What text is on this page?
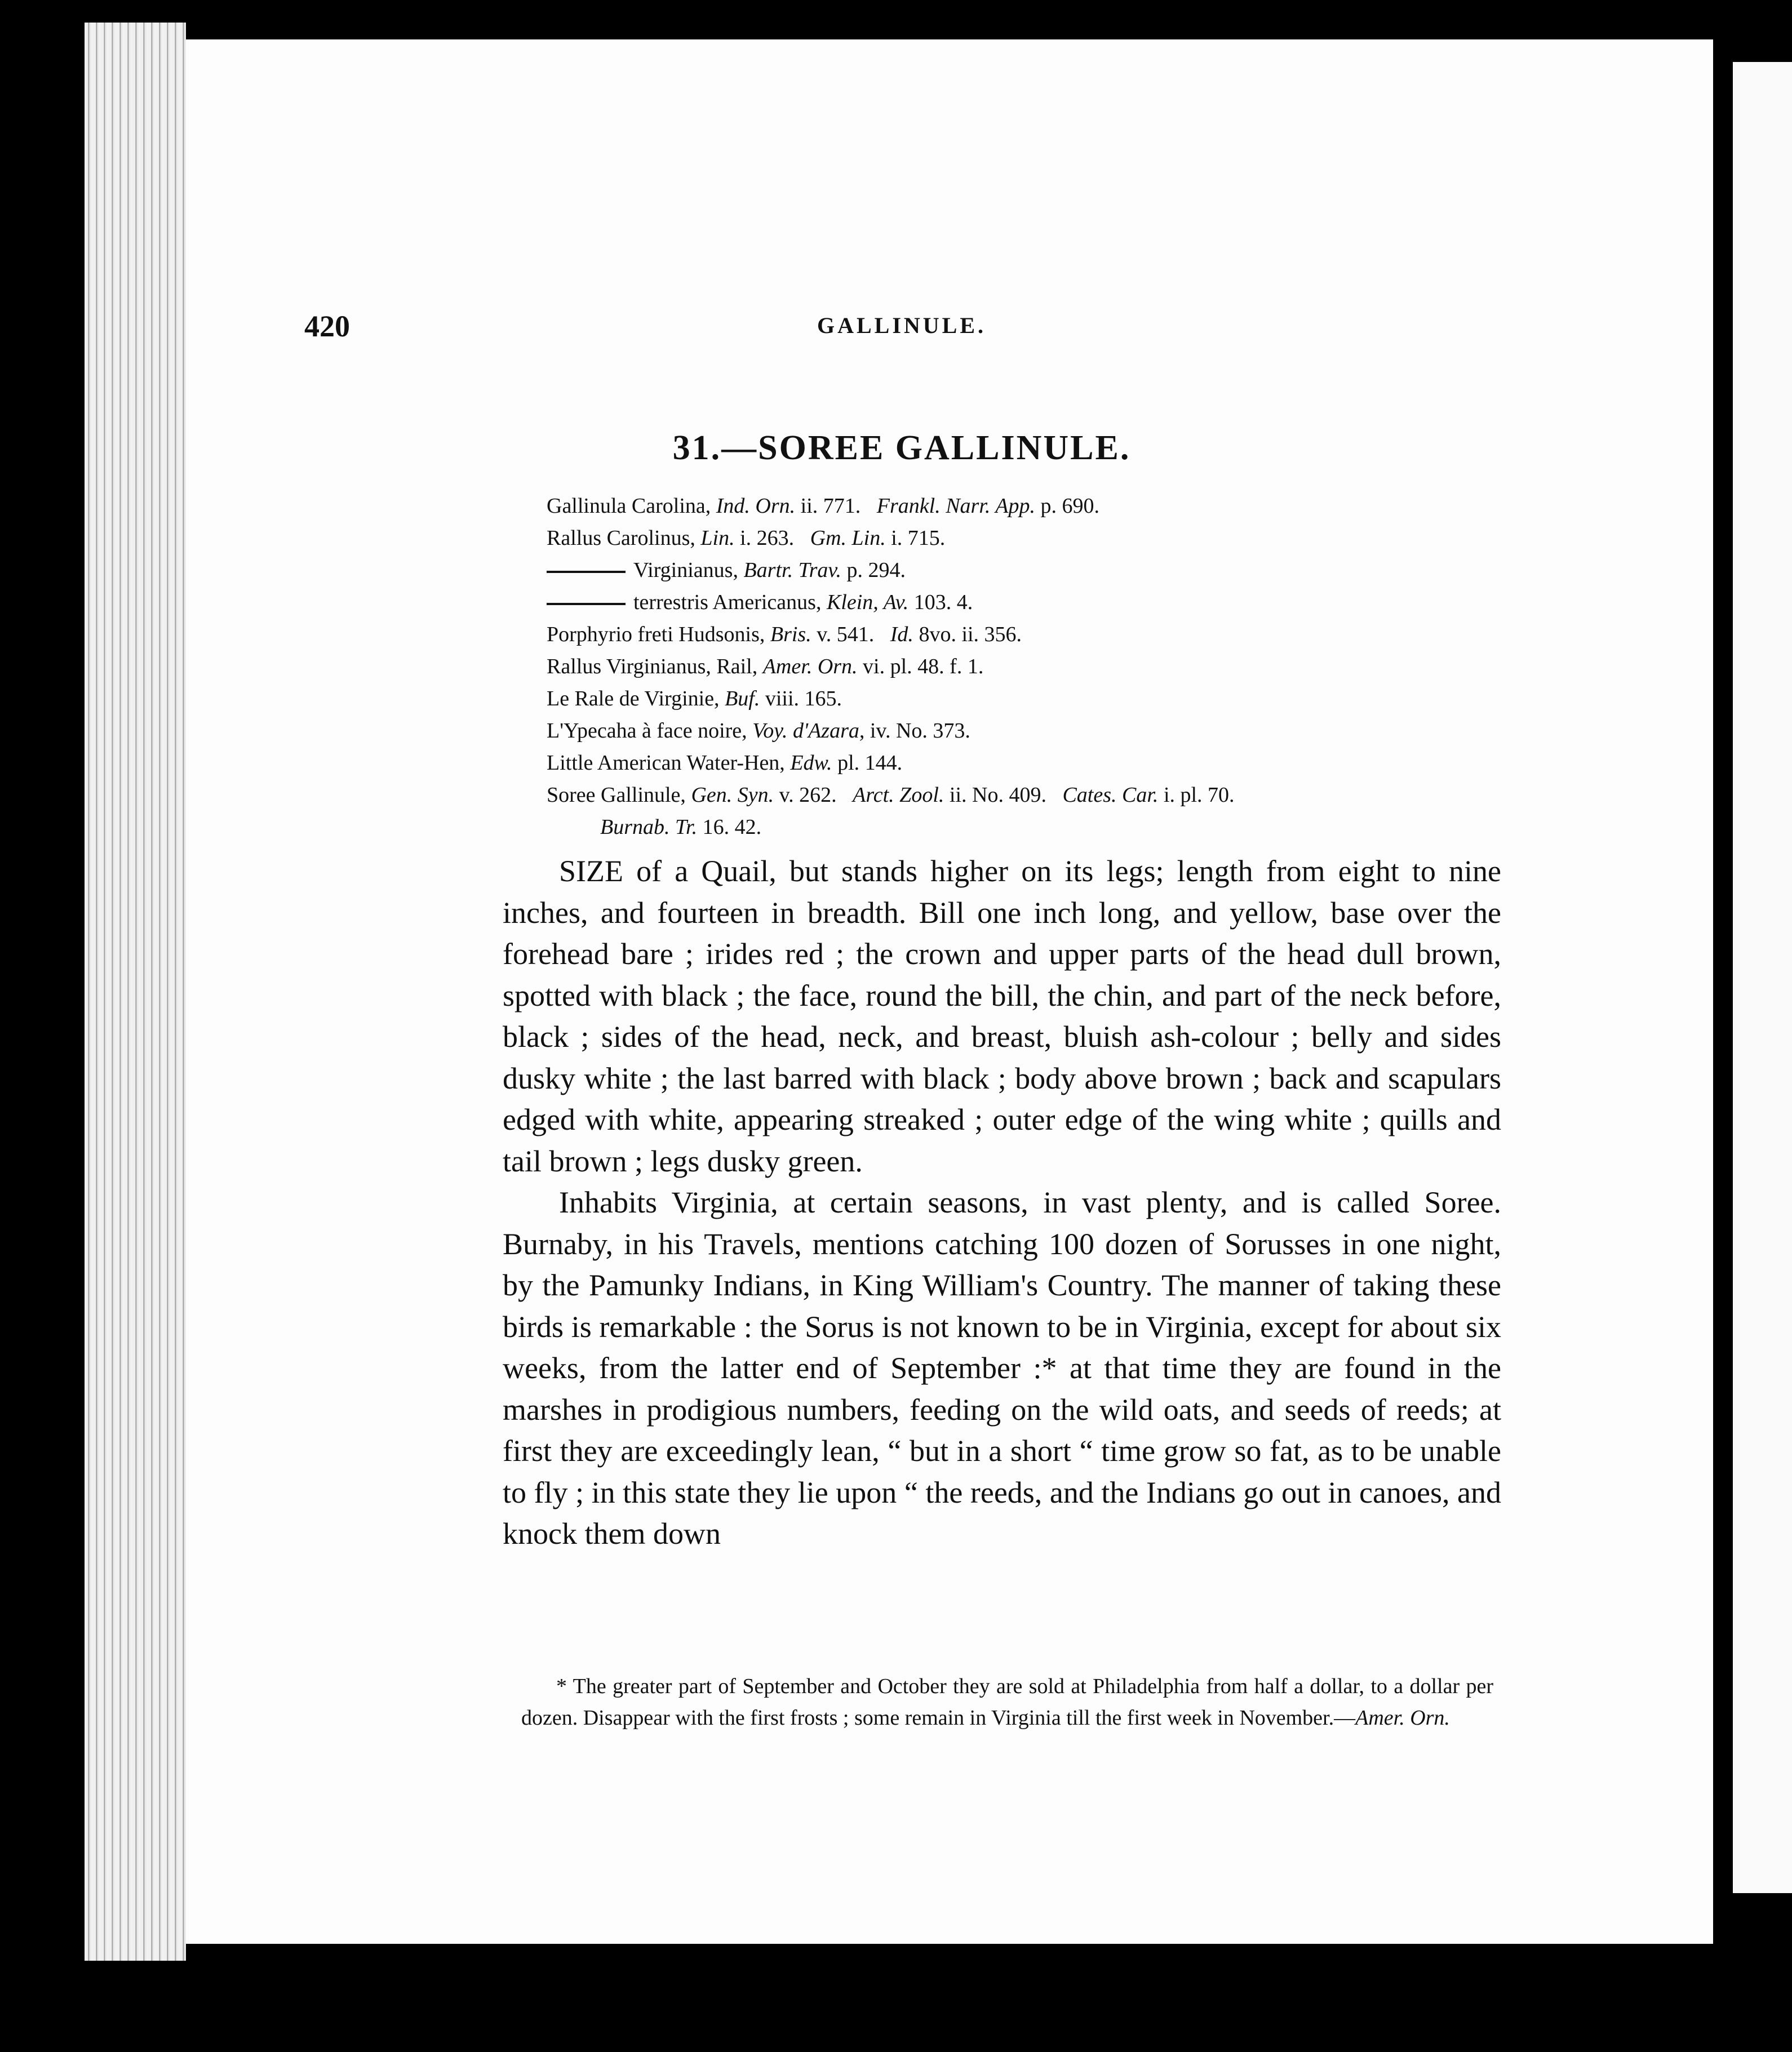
420	GALLINULE.
31.—SOREE GALLINULE.
Gallinula Carolina, Ind. Orn. ii. 771.   Frankl. Narr. App. p. 690.
Rallus Carolinus, Lin. i. 263.   Gm. Lin. i. 715.
Virginianus, Bartr. Trav. p. 294.
terrestris Americanus, Klein, Av. 103. 4.
Porphyrio freti Hudsonis, Bris. v. 541.   Id. 8vo. ii. 356.
Rallus Virginianus, Rail, Amer. Orn. vi. pl. 48. f. 1.
Le Rale de Virginie, Buf. viii. 165.
L'Ypecaha à face noire, Voy. d'Azara, iv. No. 373.
Little American Water-Hen, Edw. pl. 144.
Soree Gallinule, Gen. Syn. v. 262.   Arct. Zool. ii. No. 409.   Cates. Car. i. pl. 70.
Burnab. Tr. 16. 42.

SIZE of a Quail, but stands higher on its legs; length from eight to nine inches, and fourteen in breadth. Bill one inch long, and yellow, base over the forehead bare ; irides red ; the crown and upper parts of the head dull brown, spotted with black ; the face, round the bill, the chin, and part of the neck before, black ; sides of the head, neck, and breast, bluish ash-colour ; belly and sides dusky white ; the last barred with black ; body above brown ; back and scapulars edged with white, appearing streaked ; outer edge of the wing white ; quills and tail brown ; legs dusky green.

Inhabits Virginia, at certain seasons, in vast plenty, and is called Soree. Burnaby, in his Travels, mentions catching 100 dozen of Sorusses in one night, by the Pamunky Indians, in King William's Country. The manner of taking these birds is remarkable : the Sorus is not known to be in Virginia, except for about six weeks, from the latter end of September :* at that time they are found in the marshes in prodigious numbers, feeding on the wild oats, and seeds of reeds; at first they are exceedingly lean, “ but in a short “ time grow so fat, as to be unable to fly ; in this state they lie upon “ the reeds, and the Indians go out in canoes, and knock them down

* The greater part of September and October they are sold at Philadelphia from half a dollar, to a dollar per dozen. Disappear with the first frosts ; some remain in Virginia till the first week in November.—Amer. Orn.
